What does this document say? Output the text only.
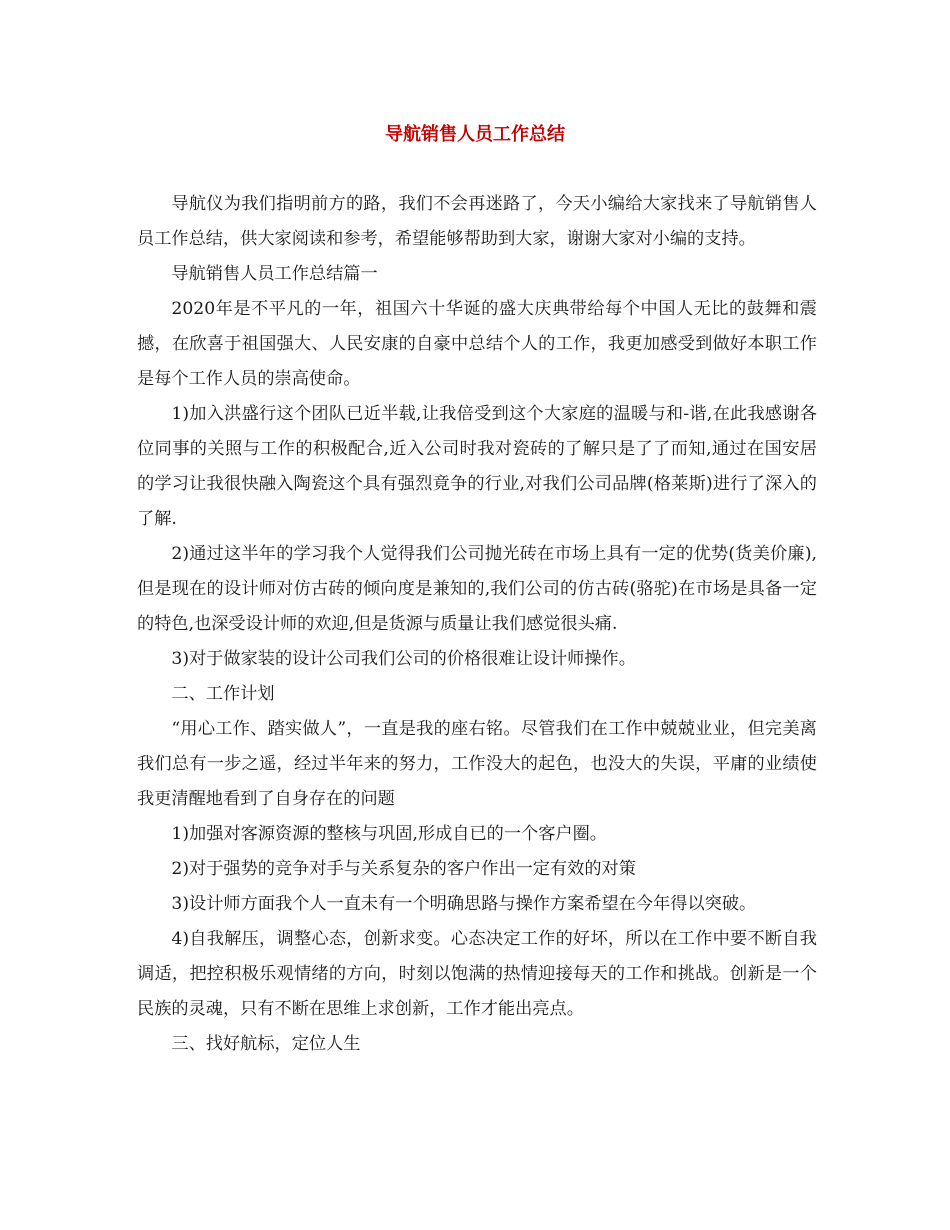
导航销售人员工作总结

导航仪为我们指明前方的路，我们不会再迷路了，今天小编给大家找来了导航销售人员工作总结，供大家阅读和参考，希望能够帮助到大家，谢谢大家对小编的支持。

导航销售人员工作总结篇一

2020年是不平凡的一年，祖国六十华诞的盛大庆典带给每个中国人无比的鼓舞和震撼，在欣喜于祖国强大、人民安康的自豪中总结个人的工作，我更加感受到做好本职工作是每个工作人员的崇高使命。

1)加入洪盛行这个团队已近半载,让我倍受到这个大家庭的温暖与和-谐,在此我感谢各位同事的关照与工作的积极配合,近入公司时我对瓷砖的了解只是了了而知,通过在国安居的学习让我很快融入陶瓷这个具有强烈竟争的行业,对我们公司品牌(格莱斯)进行了深入的了解.

2)通过这半年的学习我个人觉得我们公司抛光砖在市场上具有一定的优势(货美价廉),但是现在的设计师对仿古砖的倾向度是兼知的,我们公司的仿古砖(骆驼)在市场是具备一定的特色,也深受设计师的欢迎,但是货源与质量让我们感觉很头痛.

3)对于做家装的设计公司我们公司的价格很难让设计师操作。

二、工作计划

“用心工作、踏实做人”，一直是我的座右铭。尽管我们在工作中兢兢业业，但完美离我们总有一步之遥，经过半年来的努力，工作没大的起色，也没大的失误，平庸的业绩使我更清醒地看到了自身存在的问题

1)加强对客源资源的整核与巩固,形成自已的一个客户圈。

2)对于强势的竞争对手与关系复杂的客户作出一定有效的对策

3)设计师方面我个人一直未有一个明确思路与操作方案希望在今年得以突破。

4)自我解压，调整心态，创新求变。心态决定工作的好坏，所以在工作中要不断自我调适，把控积极乐观情绪的方向，时刻以饱满的热情迎接每天的工作和挑战。创新是一个民族的灵魂，只有不断在思维上求创新，工作才能出亮点。

三、找好航标，定位人生
